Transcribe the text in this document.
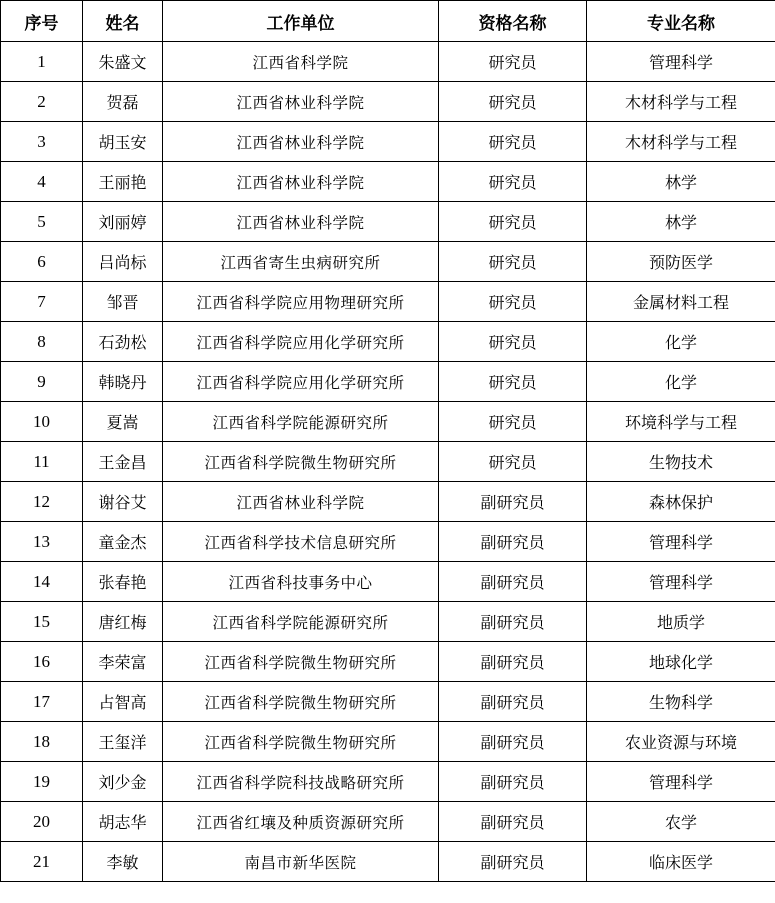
序号	姓名	工作单位	资格名称	专业名称
1	朱盛文	江西省科学院	研究员	管理科学
2	贺磊	江西省林业科学院	研究员	木材科学与工程
3	胡玉安	江西省林业科学院	研究员	木材科学与工程
4	王丽艳	江西省林业科学院	研究员	林学
5	刘丽婷	江西省林业科学院	研究员	林学
6	吕尚标	江西省寄生虫病研究所	研究员	预防医学
7	邹晋	江西省科学院应用物理研究所	研究员	金属材料工程
8	石劲松	江西省科学院应用化学研究所	研究员	化学
9	韩晓丹	江西省科学院应用化学研究所	研究员	化学
10	夏嵩	江西省科学院能源研究所	研究员	环境科学与工程
11	王金昌	江西省科学院微生物研究所	研究员	生物技术
12	谢谷艾	江西省林业科学院	副研究员	森林保护
13	童金杰	江西省科学技术信息研究所	副研究员	管理科学
14	张春艳	江西省科技事务中心	副研究员	管理科学
15	唐红梅	江西省科学院能源研究所	副研究员	地质学
16	李荣富	江西省科学院微生物研究所	副研究员	地球化学
17	占智高	江西省科学院微生物研究所	副研究员	生物科学
18	王玺洋	江西省科学院微生物研究所	副研究员	农业资源与环境
19	刘少金	江西省科学院科技战略研究所	副研究员	管理科学
20	胡志华	江西省红壤及种质资源研究所	副研究员	农学
21	李敏	南昌市新华医院	副研究员	临床医学
